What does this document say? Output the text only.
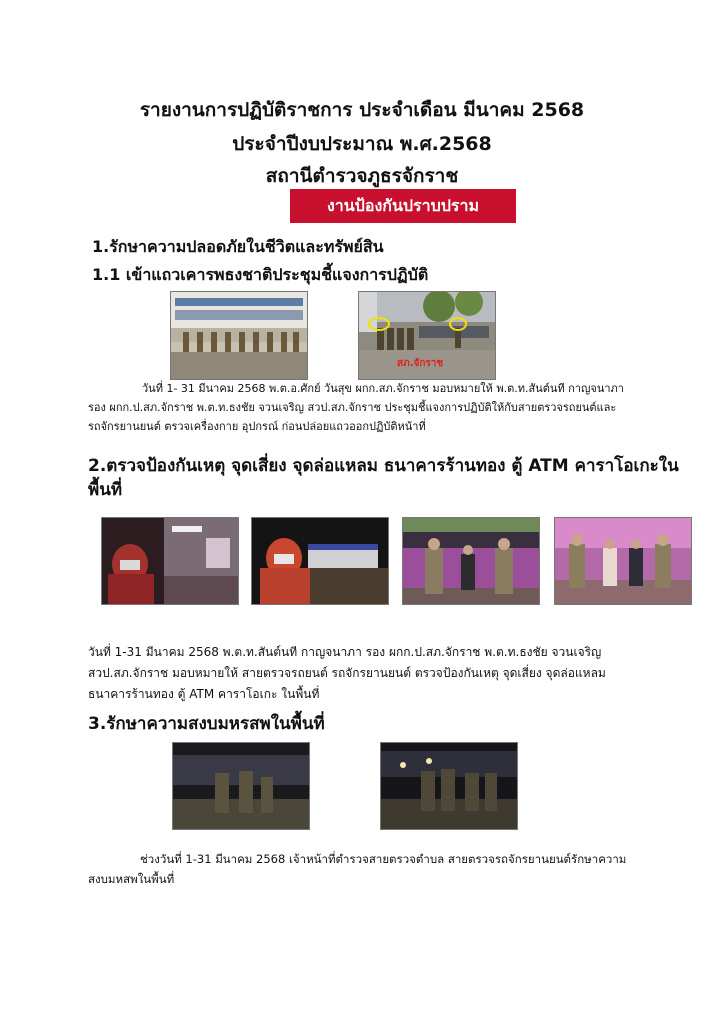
รายงานการปฏิบัติราชการ ประจำเดือน มีนาคม 2568
ประจำปีงบประมาณ พ.ศ.2568
สถานีตำรวจภูธรจักราช
งานป้องกันปราบปราม
1.รักษาความปลอดภัยในชีวิตและทรัพย์สิน
1.1 เข้าแถวเคารพธงชาติประชุมชี้แจงการปฏิบัติ
สภ.จักราช
วันที่ 1- 31 มีนาคม 2568 พ.ต.อ.ศักย์ วันสุข ผกก.สภ.จักราช มอบหมายให้ พ.ต.ท.สันต์นที กาญจนาภา
รอง ผกก.ป.สภ.จักราช พ.ต.ท.ธงชัย จวนเจริญ สวป.สภ.จักราช ประชุมชี้แจงการปฏิบัติให้กับสายตรวจรถยนต์และ
รถจักรยานยนต์ ตรวจเครื่องกาย อุปกรณ์ ก่อนปล่อยแถวออกปฏิบัติหน้าที่
2.ตรวจป้องกันเหตุ จุดเสี่ยง จุดล่อแหลม ธนาคารร้านทอง ตู้ ATM คาราโอเกะใน
พื้นที่
วันที่ 1-31 มีนาคม 2568 พ.ต.ท.สันต์นที กาญจนาภา รอง ผกก.ป.สภ.จักราช พ.ต.ท.ธงชัย จวนเจริญ
สวป.สภ.จักราช มอบหมายให้ สายตรวจรถยนต์ รถจักรยานยนต์ ตรวจป้องกันเหตุ จุดเสี่ยง จุดล่อแหลม
ธนาคารร้านทอง ตู้ ATM คาราโอเกะ ในพื้นที่
3.รักษาความสงบมหรสพในพื้นที่
ช่วงวันที่ 1-31 มีนาคม 2568 เจ้าหน้าที่ตำรวจสายตรวจตำบล สายตรวจรถจักรยานยนต์รักษาความ
สงบมหสพในพื้นที่
